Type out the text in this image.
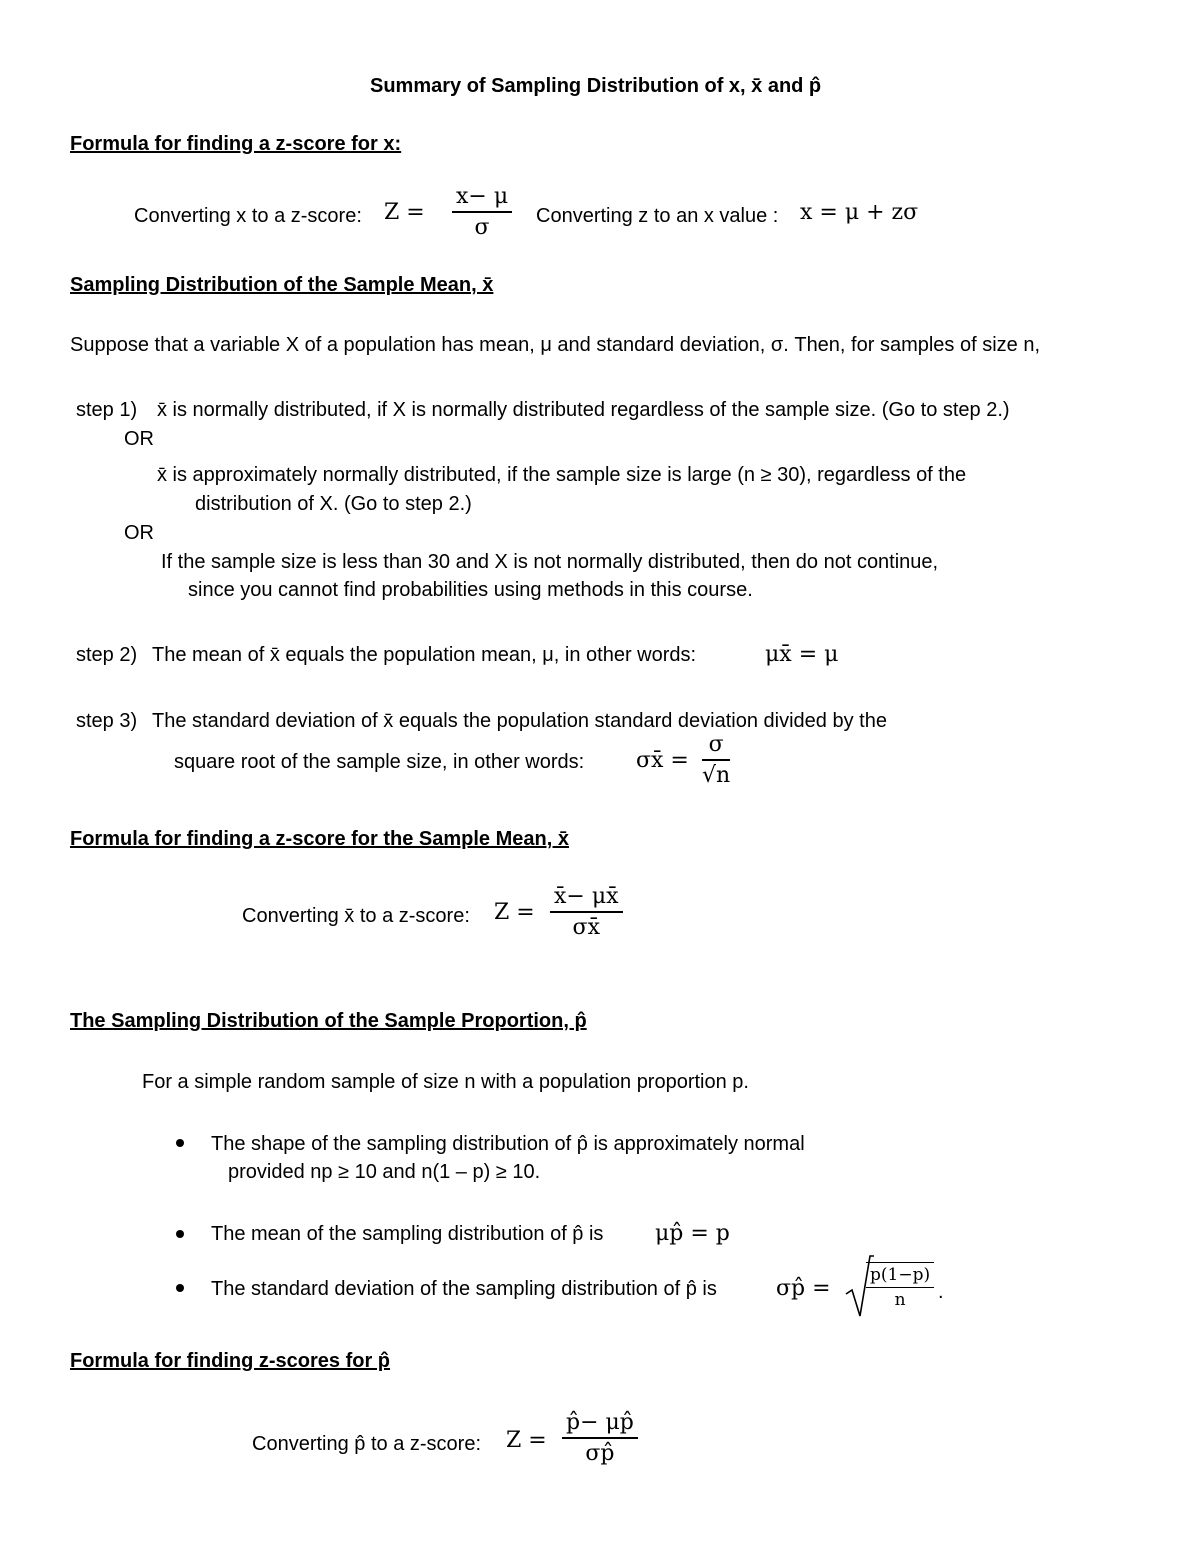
Summary of Sampling Distribution of x, x̄ and p̂
Formula for finding a z-score for x:
Converting x to a z-score: $Z = \frac{x- \mu}{\sigma}$ Converting z to an x value : x = μ + zσ
Sampling Distribution of the Sample Mean, x̄
Suppose that a variable X of a population has mean, μ and standard deviation, σ. Then, for samples of size n,
step 1) x̄ is normally distributed, if X is normally distributed regardless of the sample size. (Go to step 2.)
OR
x̄ is approximately normally distributed, if the sample size is large (n ≥ 30), regardless of the
distribution of X. (Go to step 2.)
OR
If the sample size is less than 30 and X is not normally distributed, then do not continue,
since you cannot find probabilities using methods in this course.
step 2) The mean of x̄ equals the population mean, μ, in other words:	μx̄ = μ
step 3) The standard deviation of x̄ equals the population standard deviation divided by the
square root of the sample size, in other words: σx̄ = $\frac{\sigma}{√n}$
Formula for finding a z-score for the Sample Mean, x̄
Converting x̄ to a z-score: $Z = \frac{x̄- \mu x̄}{\sigma x̄}$
The Sampling Distribution of the Sample Proportion, p̂
For a simple random sample of size n with a population proportion p.
The shape of the sampling distribution of p̂ is approximately normal
provided np ≥ 10 and n(1 – p) ≥ 10.
The mean of the sampling distribution of p̂ is μp̂ = p
The standard deviation of the sampling distribution of p̂ is	σp̂ = $\frac{p(1-p)}{n}$ .
Formula for finding z-scores for p̂
Converting p̂ to a z-score: $Z = \frac{p̂- \mu p̂}{\sigma p̂}$
